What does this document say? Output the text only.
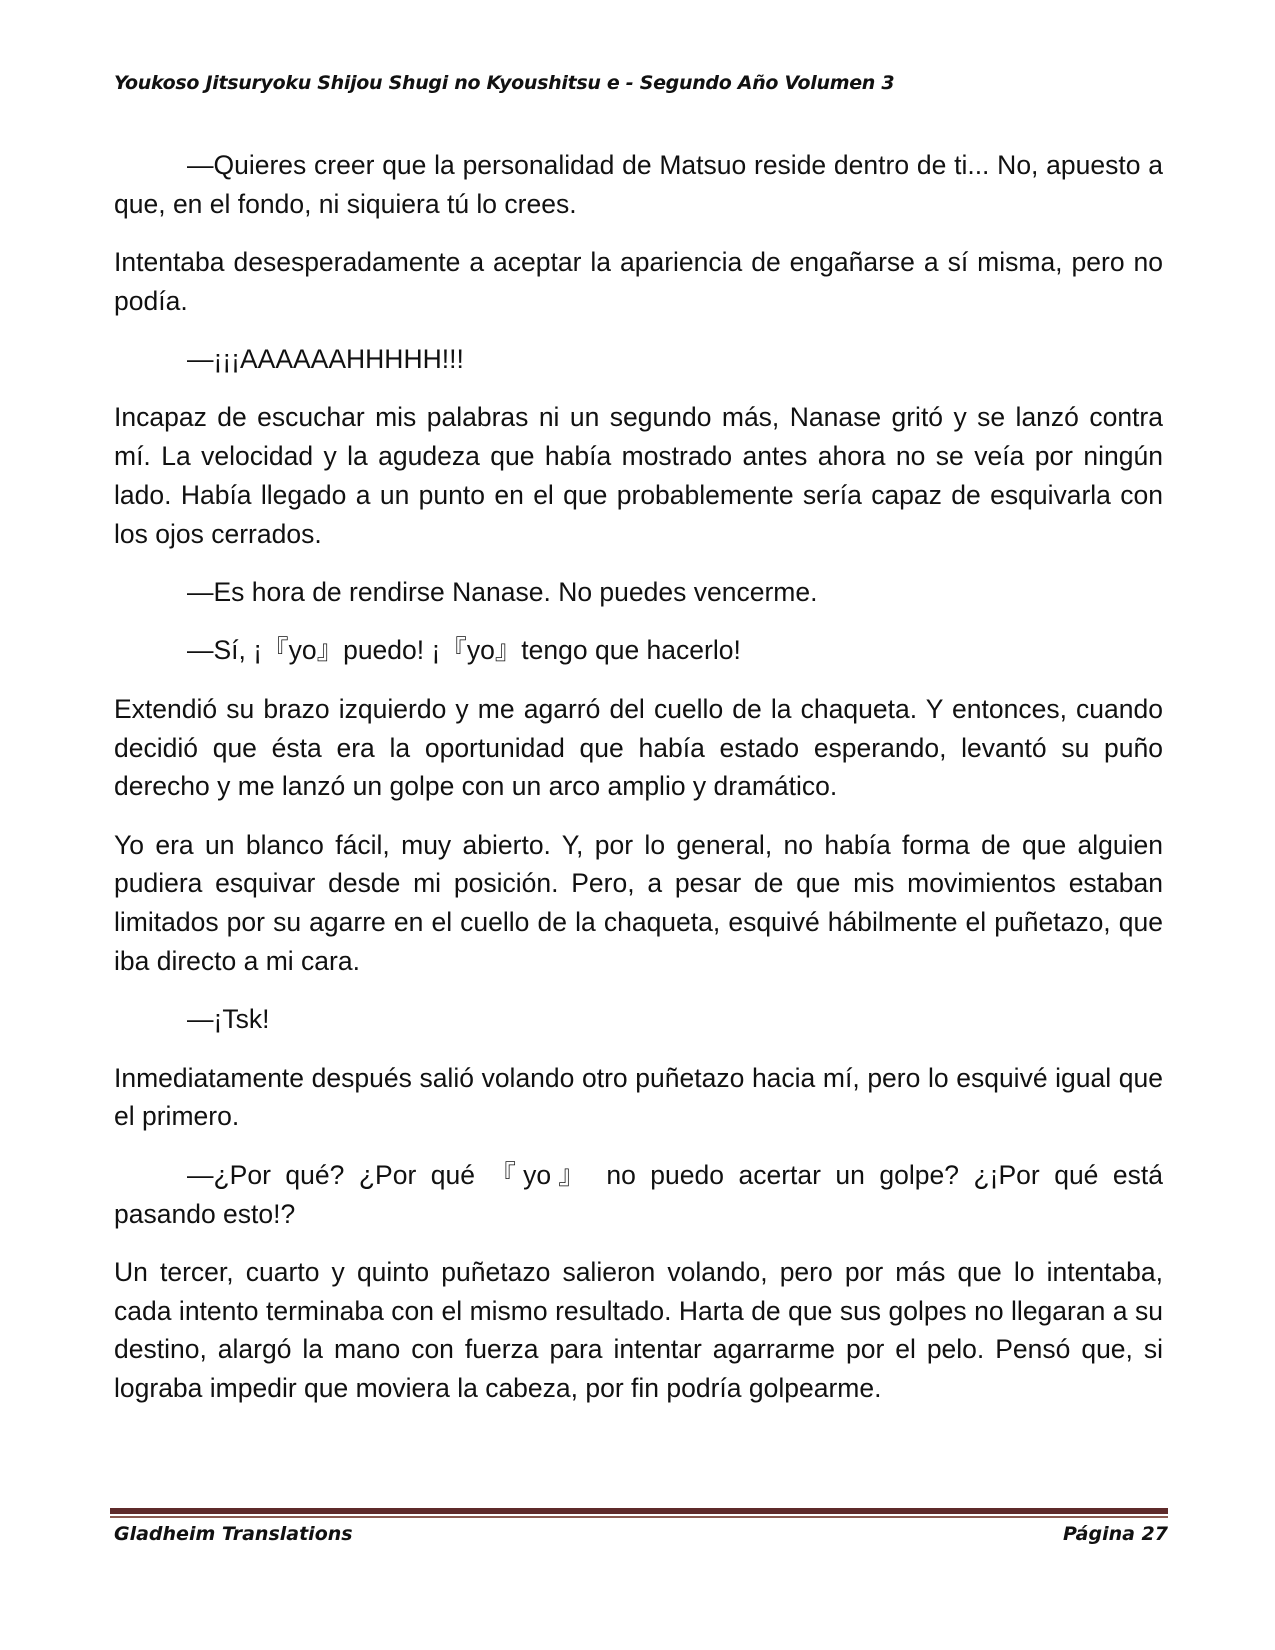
Youkoso Jitsuryoku Shijou Shugi no Kyoushitsu e - Segundo Año Volumen 3

—Quieres creer que la personalidad de Matsuo reside dentro de ti... No, apuesto a que, en el fondo, ni siquiera tú lo crees.

Intentaba desesperadamente a aceptar la apariencia de engañarse a sí misma, pero no podía.

—¡¡¡AAAAAAHHHHH!!!

Incapaz de escuchar mis palabras ni un segundo más, Nanase gritó y se lanzó contra mí. La velocidad y la agudeza que había mostrado antes ahora no se veía por ningún lado. Había llegado a un punto en el que probablemente sería capaz de esquivarla con los ojos cerrados.

—Es hora de rendirse Nanase. No puedes vencerme.

—Sí, ¡『yo』puedo! ¡『yo』tengo que hacerlo!

Extendió su brazo izquierdo y me agarró del cuello de la chaqueta. Y entonces, cuando decidió que ésta era la oportunidad que había estado esperando, levantó su puño derecho y me lanzó un golpe con un arco amplio y dramático.

Yo era un blanco fácil, muy abierto. Y, por lo general, no había forma de que alguien pudiera esquivar desde mi posición. Pero, a pesar de que mis movimientos estaban limitados por su agarre en el cuello de la chaqueta, esquivé hábilmente el puñetazo, que iba directo a mi cara.

—¡Tsk!

Inmediatamente después salió volando otro puñetazo hacia mí, pero lo esquivé igual que el primero.

—¿Por qué? ¿Por qué 『yo』 no puedo acertar un golpe? ¿¡Por qué está pasando esto!?

Un tercer, cuarto y quinto puñetazo salieron volando, pero por más que lo intentaba, cada intento terminaba con el mismo resultado. Harta de que sus golpes no llegaran a su destino, alargó la mano con fuerza para intentar agarrarme por el pelo. Pensó que, si lograba impedir que moviera la cabeza, por fin podría golpearme.

Gladheim Translations	Página 27
